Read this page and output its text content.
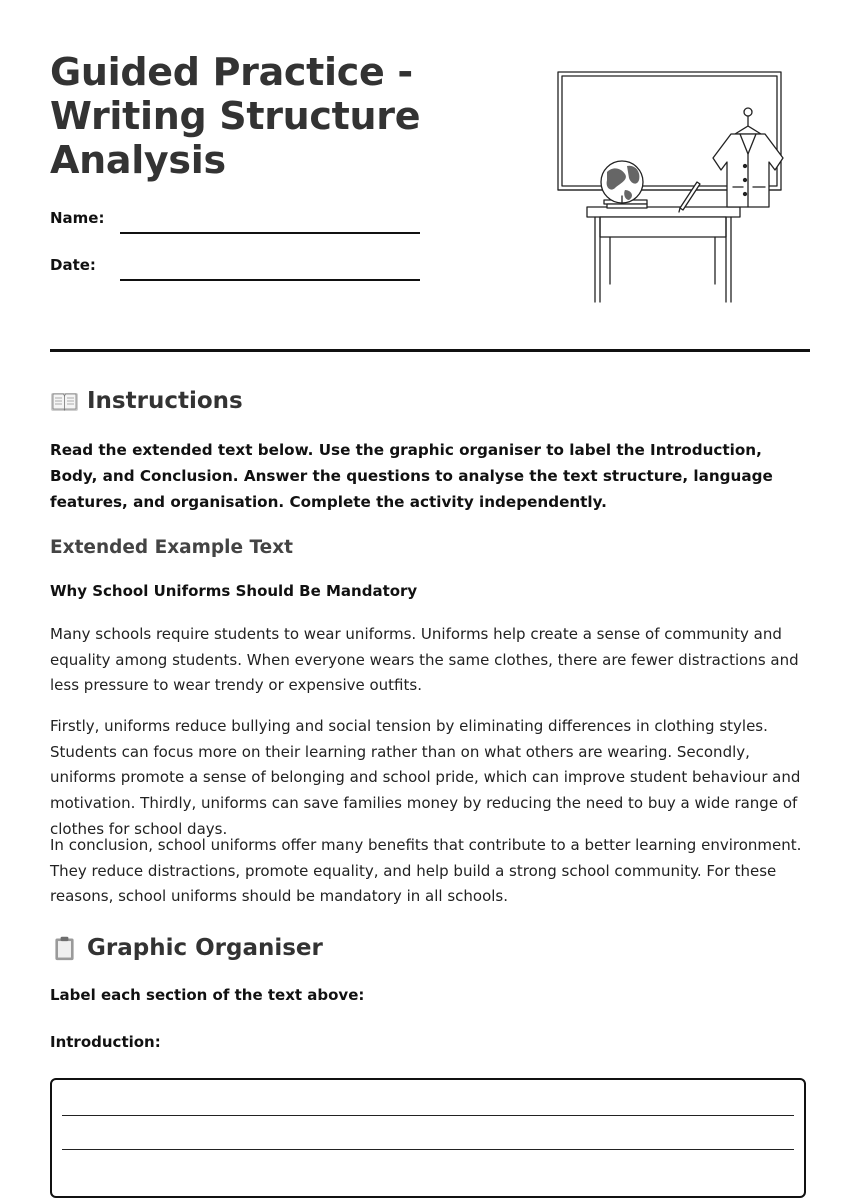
Guided Practice - Writing Structure Analysis
Name:
Date:
Instructions

Read the extended text below. Use the graphic organiser to label the Introduction, Body, and Conclusion. Answer the questions to analyse the text structure, language features, and organisation. Complete the activity independently.

Extended Example Text

Why School Uniforms Should Be Mandatory

Many schools require students to wear uniforms. Uniforms help create a sense of community and equality among students. When everyone wears the same clothes, there are fewer distractions and less pressure to wear trendy or expensive outfits.

Firstly, uniforms reduce bullying and social tension by eliminating differences in clothing styles. Students can focus more on their learning rather than on what others are wearing. Secondly, uniforms promote a sense of belonging and school pride, which can improve student behaviour and motivation. Thirdly, uniforms can save families money by reducing the need to buy a wide range of clothes for school days.

In conclusion, school uniforms offer many benefits that contribute to a better learning environment. They reduce distractions, promote equality, and help build a strong school community. For these reasons, school uniforms should be mandatory in all schools.

Graphic Organiser

Label each section of the text above:

Introduction:
